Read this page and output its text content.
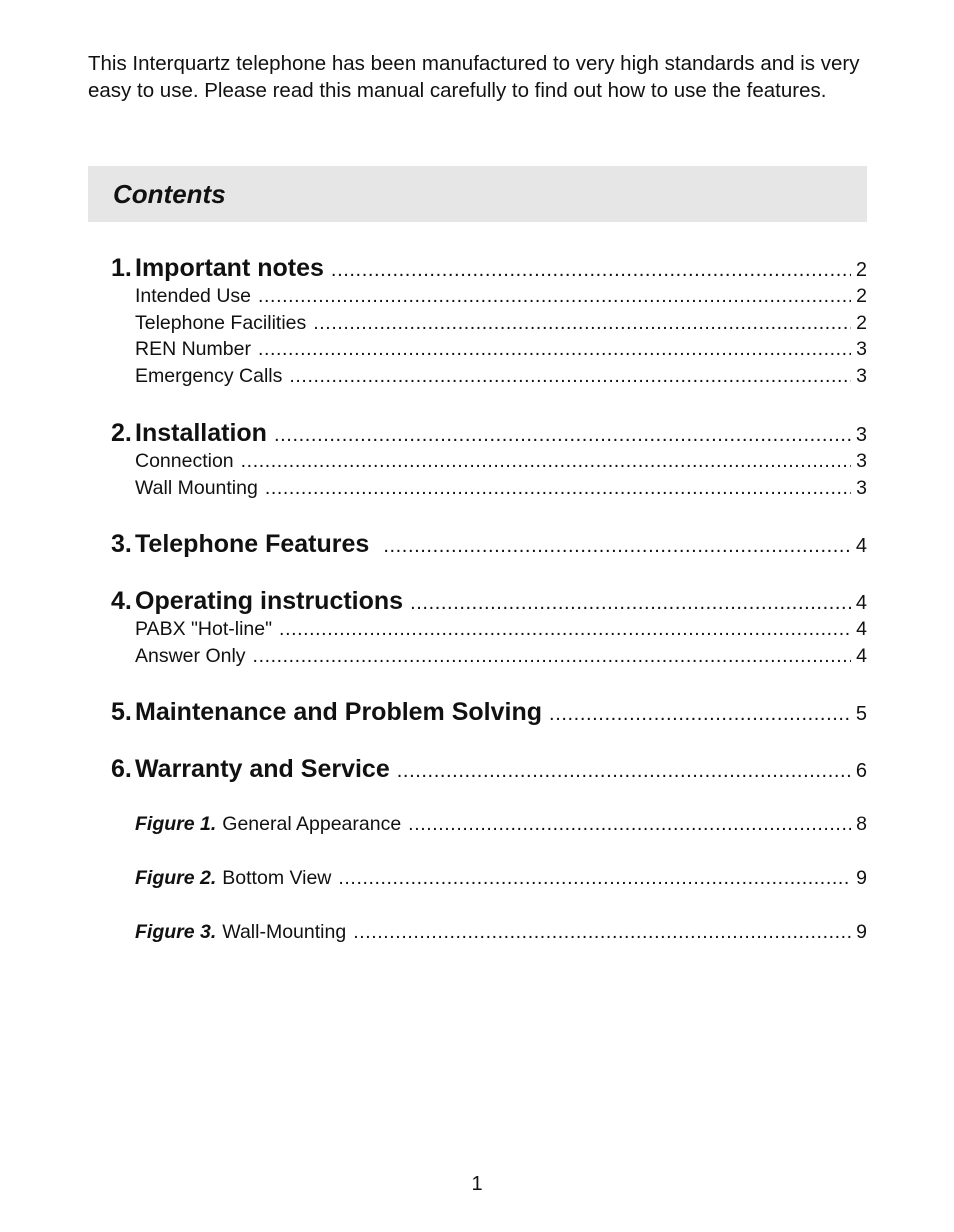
This Interquartz telephone has been manufactured to very high standards and is very easy to use. Please read this manual carefully to find out how to use the features.

Contents
1. Important notes .....	2
Intended Use .....	2
Telephone Facilities .....	2
REN Number .....	3
Emergency Calls .....	3
2. Installation .....	3
Connection .....	3
Wall Mounting .....	3
3. Telephone Features .....	4
4. Operating instructions .....	4
PABX "Hot-line" .....	4
Answer Only .....	4
5. Maintenance and Problem Solving .....	5
6. Warranty and Service .....	6
Figure 1. General Appearance .....	8
Figure 2. Bottom View .....	9
Figure 3. Wall-Mounting .....	9
1
